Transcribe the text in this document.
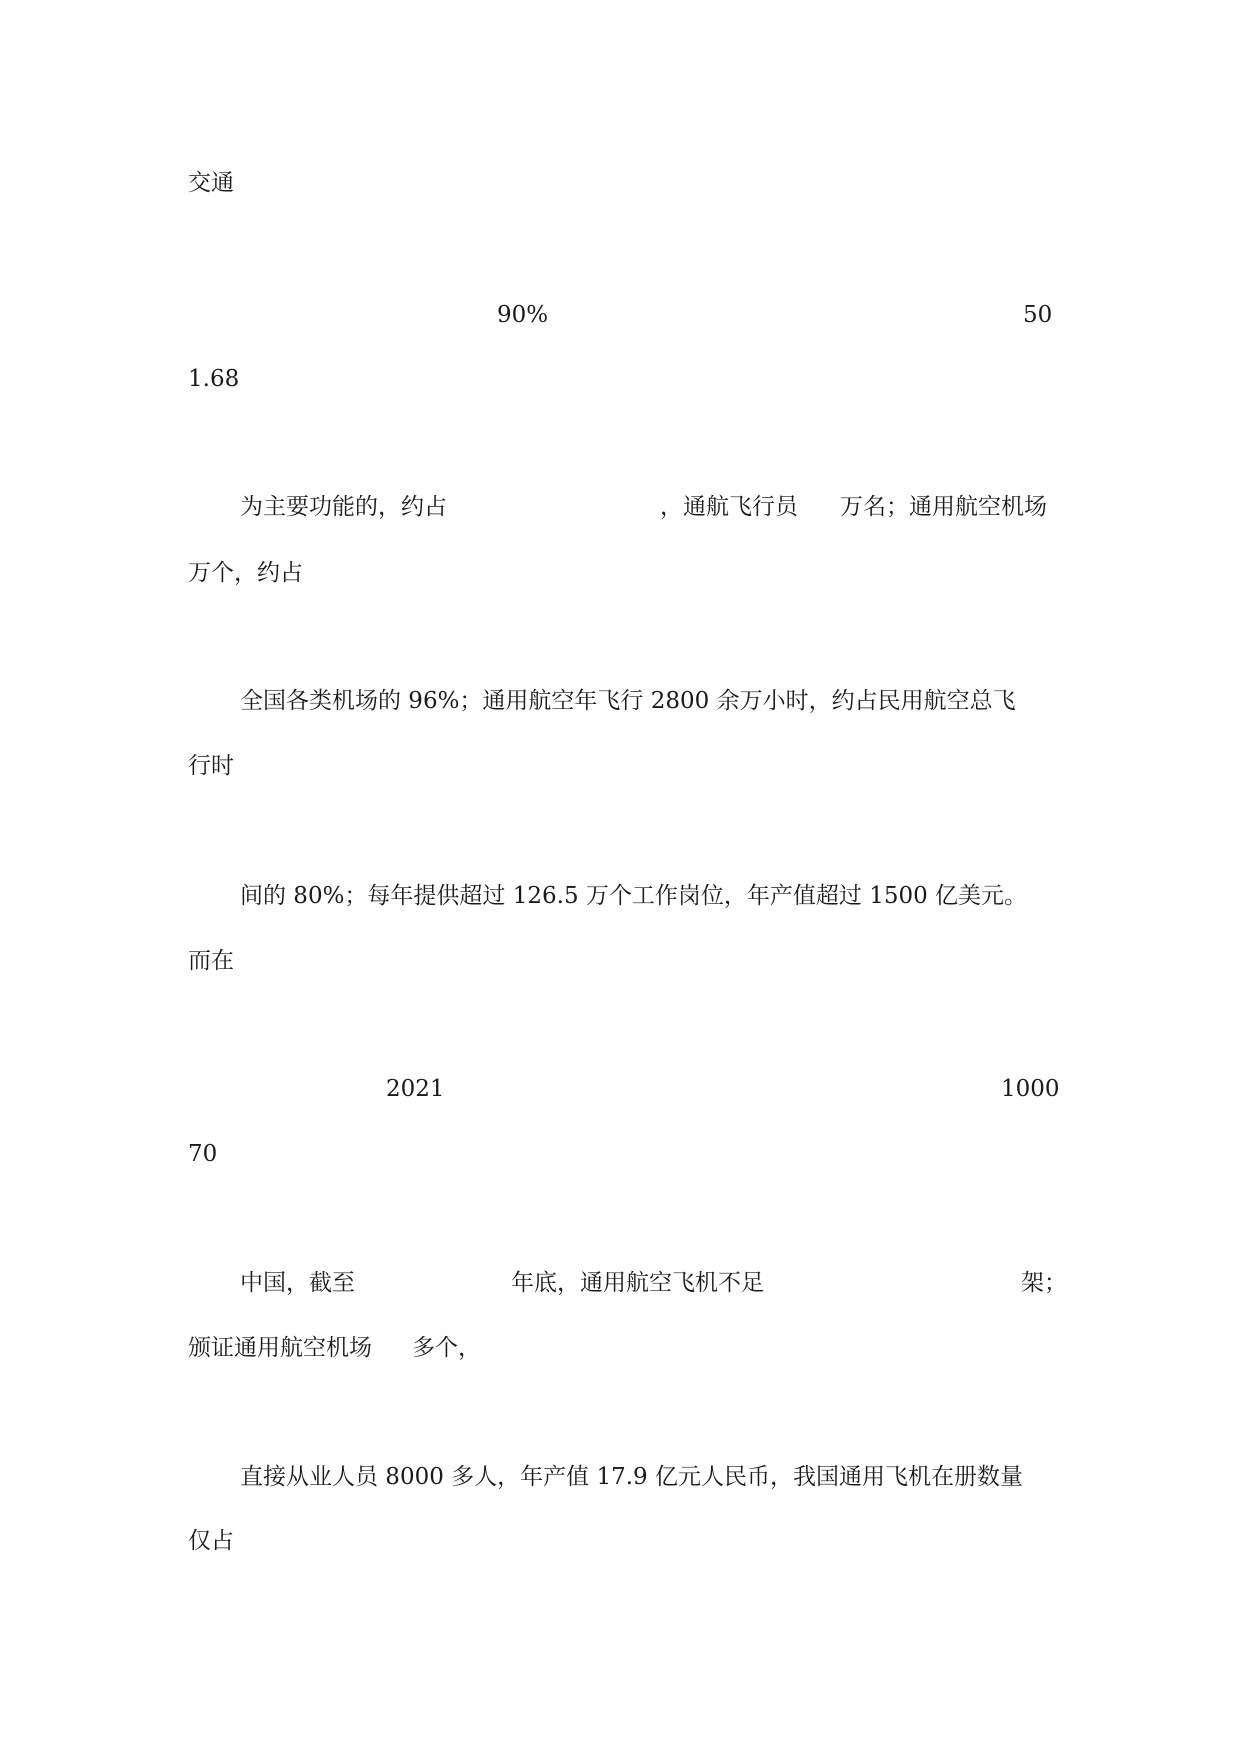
交通
90%	50
1.68
为主要功能的，约占	，通航飞行员 万名；通用航空机场
万个，约占
全国各类机场的 96%；通用航空年飞行 2800 余万小时，约占民用航空总飞
行时
间的 80%；每年提供超过 126.5 万个工作岗位，年产值超过 1500 亿美元。
而在
2021	1000
70
中国，截至	年底，通用航空飞机不足	架；
颁证通用航空机场 多个，
直接从业人员 8000 多人，年产值 17.9 亿元人民币，我国通用飞机在册数量
仅占
